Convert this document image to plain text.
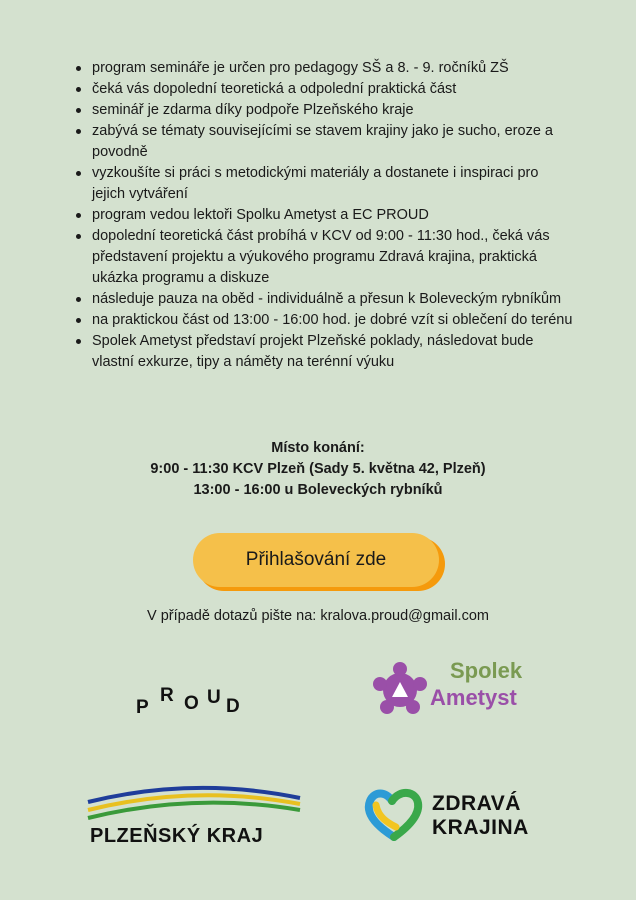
program semináře je určen pro pedagogy SŠ a 8. - 9. ročníků ZŠ
čeká vás dopolední teoretická a odpolední praktická část
seminář je zdarma díky podpoře Plzeňského kraje
zabývá se tématy souvisejícími se stavem krajiny jako je sucho, eroze a povodně
vyzkoušíte si práci s metodickými materiály a dostanete i inspiraci pro jejich vytváření
program vedou lektoři Spolku Ametyst a EC PROUD
dopolední teoretická část probíhá v KCV od 9:00 - 11:30 hod., čeká vás představení projektu a výukového programu Zdravá krajina, praktická ukázka programu a diskuze
následuje pauza na oběd - individuálně a přesun k Boleveckým rybníkům
na praktickou část od 13:00 - 16:00 hod. je dobré vzít si oblečení do terénu
Spolek Ametyst představí projekt Plzeňské poklady, následovat bude vlastní exkurze, tipy a náměty na terénní výuku
Místo konání:
9:00 - 11:30 KCV Plzeň (Sady 5. května 42, Plzeň)
13:00 - 16:00 u Boleveckých rybníků
Přihlašování zde
V případě dotazů pište na: kralova.proud@gmail.com
P
R O U D
Spolek
Ametyst
PLZEŇSKÝ KRAJ
ZDRAVÁ
KRAJINA
